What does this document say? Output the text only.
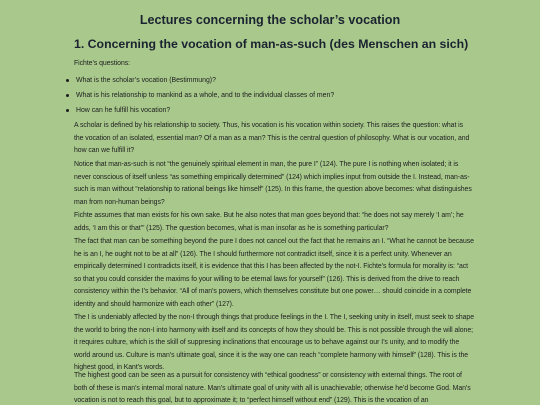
Lectures concerning the scholar’s vocation
1. Concerning the vocation of man-as-such (des Menschen an sich)

Fichte’s questions:

What is the scholar’s vocation (Bestimmung)?
What is his relationship to mankind as a whole, and to the individual classes of men?
How can he fulfill his vocation?

A scholar is defined by his relationship to society. Thus, his vocation is his vocation within society. This raises the question: what is the vocation of an isolated, essential man? Of a man as a man? This is the central question of philosophy. What is our vocation, and how can we fulfill it?

Notice that man-as-such is not “the genuinely spiritual element in man, the pure I” (124). The pure I is nothing when isolated; it is never conscious of itself unless “as something empirically determined” (124) which implies input from outside the I. Instead, man-as-such is man without “relationship to rational beings like himself” (125). In this frame, the question above becomes: what distinguishes man from non-human beings?

Fichte assumes that man exists for his own sake. But he also notes that man goes beyond that: “he does not say merely ‘I am’; he adds, ‘I am this or that’” (125). The question becomes, what is man insofar as he is something particular?

The fact that man can be something beyond the pure I does not cancel out the fact that he remains an I. “What he cannot be because he is an I, he ought not to be at all” (126). The I should furthermore not contradict itself, since it is a perfect unity. Whenever an empirically determined I contradicts itself, it is evidence that this I has been affected by the not-I. Fichte’s formula for morality is: “act so that you could consider the maxims fo your willing to be eternal laws for yourself” (126). This is derived from the drive to reach consistency within the I’s behavior. “All of man’s powers, which themselves constitute but one power… should coincide in a complete identity and should harmonize with each other” (127).

The I is undeniably affected by the non-I through things that produce feelings in the I. The I, seeking unity in itself, must seek to shape the world to bring the non-I into harmony with itself and its concepts of how they should be. This is not possible through the will alone; it requires culture, which is the skill of suppresing inclinations that encourage us to behave against our I’s unity, and to modify the world around us. Culture is man’s ultimate goal, since it is the way one can reach “complete harmony with himself” (128). This is the highest good, in Kant’s words.

The highest good can be seen as a pursuit for consistency with “ethical goodness” or consistency with external things. The root of both of these is man’s internal moral nature. Man’s ultimate goal of unity with all is unachievable; otherwise he’d become God. Man’s vocation is not to reach this goal, but to approximate it; to “perfect himself without end” (129). This is the vocation of an
